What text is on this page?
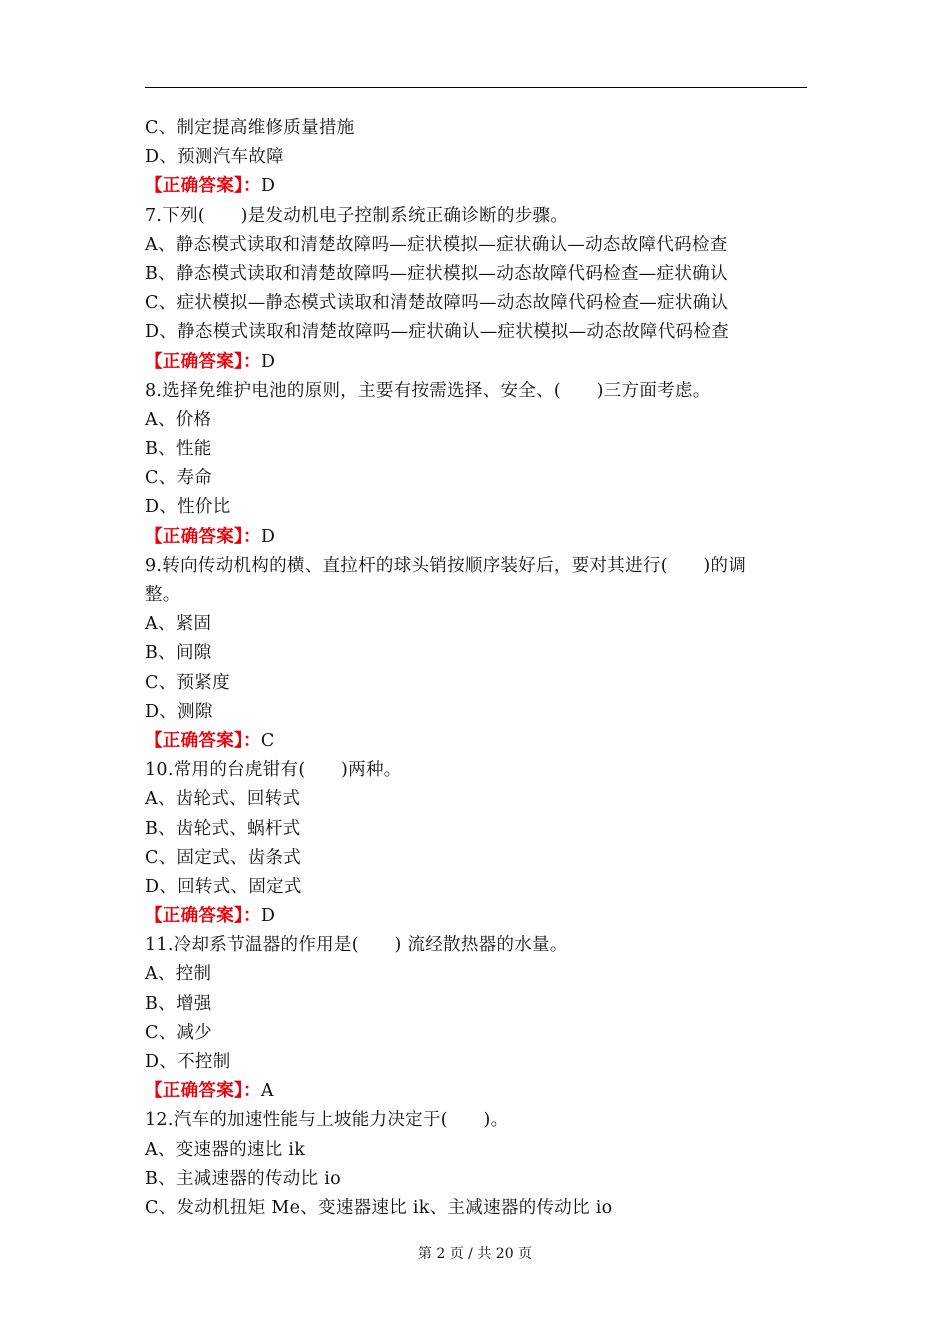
C、制定提高维修质量措施
D、预测汽车故障
【正确答案】：D
7.下列(　　)是发动机电子控制系统正确诊断的步骤。
A、静态模式读取和清楚故障吗—症状模拟—症状确认—动态故障代码检查
B、静态模式读取和清楚故障吗—症状模拟—动态故障代码检查—症状确认
C、症状模拟—静态模式读取和清楚故障吗—动态故障代码检查—症状确认
D、静态模式读取和清楚故障吗—症状确认—症状模拟—动态故障代码检查
【正确答案】：D
8.选择免维护电池的原则，主要有按需选择、安全、(　　)三方面考虑。
A、价格
B、性能
C、寿命
D、性价比
【正确答案】：D
9.转向传动机构的横、直拉杆的球头销按顺序装好后，要对其进行(　　)的调
整。
A、紧固
B、间隙
C、预紧度
D、测隙
【正确答案】：C
10.常用的台虎钳有(　　)两种。
A、齿轮式、回转式
B、齿轮式、蜗杆式
C、固定式、齿条式
D、回转式、固定式
【正确答案】：D
11.冷却系节温器的作用是(　　) 流经散热器的水量。
A、控制
B、增强
C、减少
D、不控制
【正确答案】：A
12.汽车的加速性能与上坡能力决定于(　　)。
A、变速器的速比 ik
B、主减速器的传动比 io
C、发动机扭矩 Me、变速器速比 ik、主减速器的传动比 io
第 2 页 / 共 20 页
